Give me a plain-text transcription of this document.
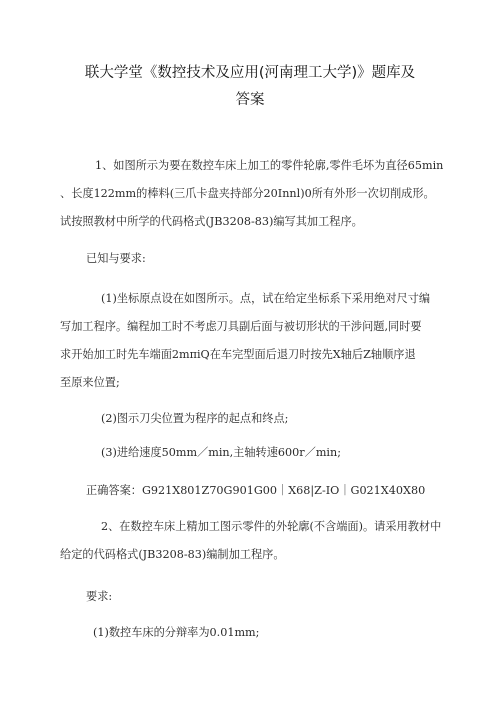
联大学堂《数控技术及应用(河南理工大学)》题库及
答案
1、如图所示为要在数控车床上加工的零件轮廓,零件毛坏为直径65min
、长度122mm的棒料(三爪卡盘夹持部分20Innl)0所有外形一次切削成形。
试按照教材中所学的代码格式(JB3208-83)编写其加工程序。
已知与要求:
(1)坐标原点设在如图所示。点，试在给定坐标系下采用绝对尺寸编
写加工程序。编程加工时不考虑刀具副后面与被切形状的干涉问题,同时要
求开始加工时先车端面2mπiQ在车完型面后退刀时按先X轴后Z轴顺序退
至原来位置;
(2)图示刀尖位置为程序的起点和终点;
(3)进给速度50mm／min,主轴转速600r／min;
正确答案：G921X801Z70G901G00｜X68|Z-IO｜G021X40X80
2、在数控车床上精加工图示零件的外轮廓(不含端面)。请采用教材中
给定的代码格式(JB3208-83)编制加工程序。
要求:
(1)数控车床的分辩率为0.01mm;
